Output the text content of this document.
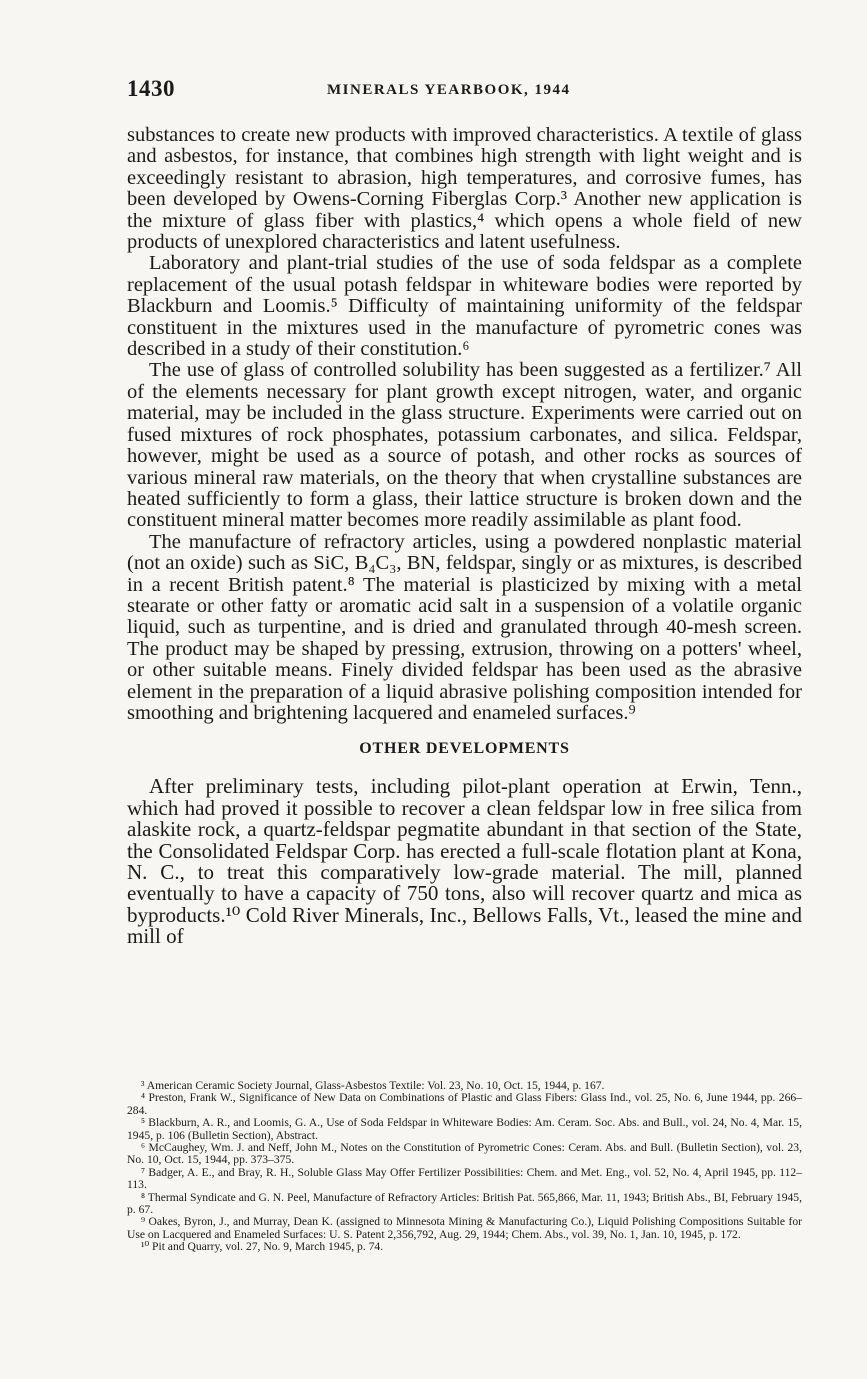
1430	MINERALS YEARBOOK, 1944

substances to create new products with improved characteristics. A textile of glass and asbestos, for instance, that combines high strength with light weight and is exceedingly resistant to abrasion, high temperatures, and corrosive fumes, has been developed by Owens-Corning Fiberglas Corp.³ Another new application is the mixture of glass fiber with plastics,⁴ which opens a whole field of new products of unexplored characteristics and latent usefulness.

Laboratory and plant-trial studies of the use of soda feldspar as a complete replacement of the usual potash feldspar in whiteware bodies were reported by Blackburn and Loomis.⁵ Difficulty of maintaining uniformity of the feldspar constituent in the mixtures used in the manufacture of pyrometric cones was described in a study of their constitution.⁶

The use of glass of controlled solubility has been suggested as a fertilizer.⁷ All of the elements necessary for plant growth except nitrogen, water, and organic material, may be included in the glass structure. Experiments were carried out on fused mixtures of rock phosphates, potassium carbonates, and silica. Feldspar, however, might be used as a source of potash, and other rocks as sources of various mineral raw materials, on the theory that when crystalline substances are heated sufficiently to form a glass, their lattice structure is broken down and the constituent mineral matter becomes more readily assimilable as plant food.

The manufacture of refractory articles, using a powdered nonplastic material (not an oxide) such as SiC, B₄C₃, BN, feldspar, singly or as mixtures, is described in a recent British patent.⁸ The material is plasticized by mixing with a metal stearate or other fatty or aromatic acid salt in a suspension of a volatile organic liquid, such as turpentine, and is dried and granulated through 40-mesh screen. The product may be shaped by pressing, extrusion, throwing on a potters' wheel, or other suitable means. Finely divided feldspar has been used as the abrasive element in the preparation of a liquid abrasive polishing composition intended for smoothing and brightening lacquered and enameled surfaces.⁹

OTHER DEVELOPMENTS

After preliminary tests, including pilot-plant operation at Erwin, Tenn., which had proved it possible to recover a clean feldspar low in free silica from alaskite rock, a quartz-feldspar pegmatite abundant in that section of the State, the Consolidated Feldspar Corp. has erected a full-scale flotation plant at Kona, N. C., to treat this comparatively low-grade material. The mill, planned eventually to have a capacity of 750 tons, also will recover quartz and mica as byproducts.¹⁰ Cold River Minerals, Inc., Bellows Falls, Vt., leased the mine and mill of

³ American Ceramic Society Journal, Glass-Asbestos Textile: Vol. 23, No. 10, Oct. 15, 1944, p. 167.

⁴ Preston, Frank W., Significance of New Data on Combinations of Plastic and Glass Fibers: Glass Ind., vol. 25, No. 6, June 1944, pp. 266–284.

⁵ Blackburn, A. R., and Loomis, G. A., Use of Soda Feldspar in Whiteware Bodies: Am. Ceram. Soc. Abs. and Bull., vol. 24, No. 4, Mar. 15, 1945, p. 106 (Bulletin Section), Abstract.

⁶ McCaughey, Wm. J. and Neff, John M., Notes on the Constitution of Pyrometric Cones: Ceram. Abs. and Bull. (Bulletin Section), vol. 23, No. 10, Oct. 15, 1944, pp. 373–375.

⁷ Badger, A. E., and Bray, R. H., Soluble Glass May Offer Fertilizer Possibilities: Chem. and Met. Eng., vol. 52, No. 4, April 1945, pp. 112–113.

⁸ Thermal Syndicate and G. N. Peel, Manufacture of Refractory Articles: British Pat. 565,866, Mar. 11, 1943; British Abs., BI, February 1945, p. 67.

⁹ Oakes, Byron, J., and Murray, Dean K. (assigned to Minnesota Mining & Manufacturing Co.), Liquid Polishing Compositions Suitable for Use on Lacquered and Enameled Surfaces: U. S. Patent 2,356,792, Aug. 29, 1944; Chem. Abs., vol. 39, No. 1, Jan. 10, 1945, p. 172.

¹⁰ Pit and Quarry, vol. 27, No. 9, March 1945, p. 74.
